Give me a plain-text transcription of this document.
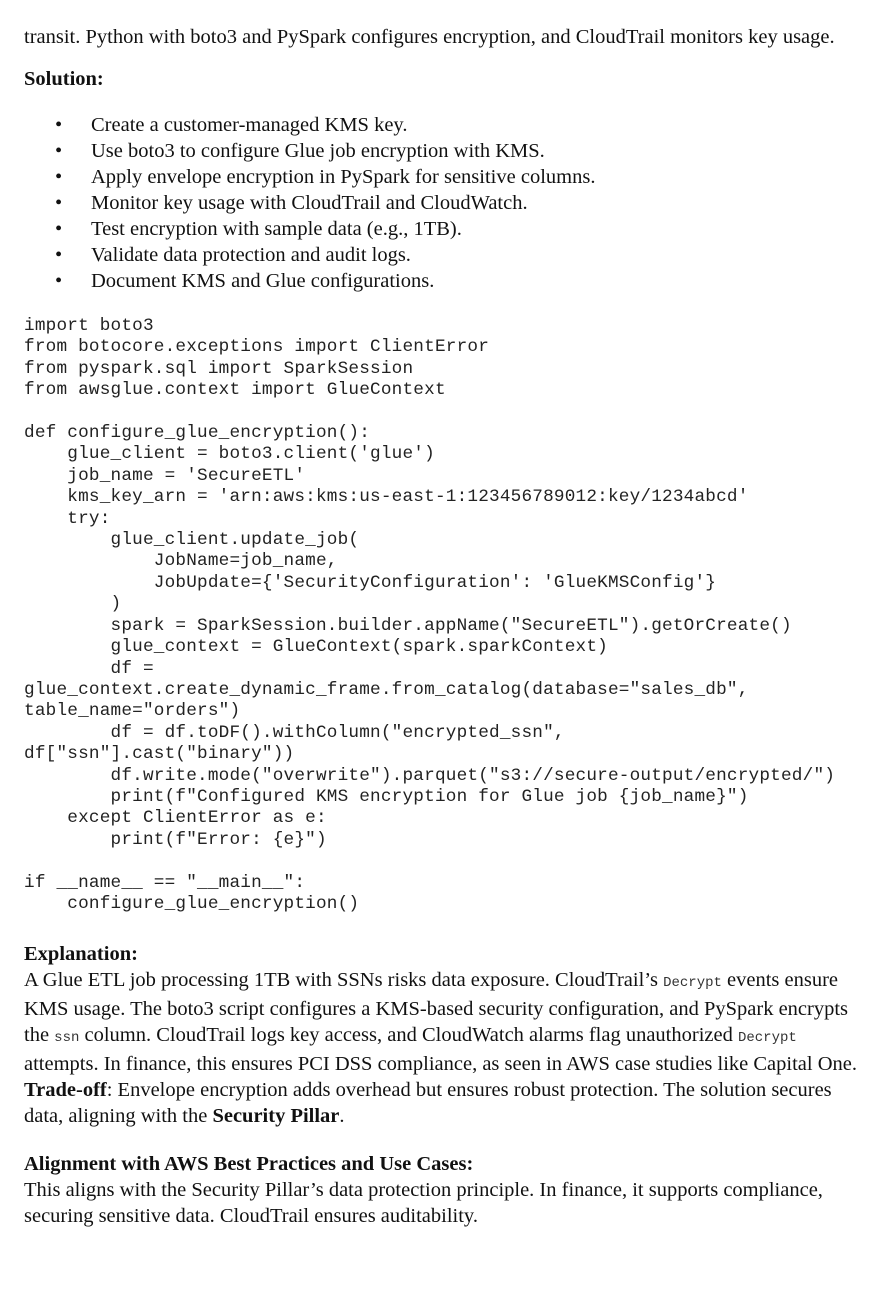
transit. Python with boto3 and PySpark configures encryption, and CloudTrail monitors key usage.

Solution:

• Create a customer-managed KMS key.
• Use boto3 to configure Glue job encryption with KMS.
• Apply envelope encryption in PySpark for sensitive columns.
• Monitor key usage with CloudTrail and CloudWatch.
• Test encryption with sample data (e.g., 1TB).
• Validate data protection and audit logs.
• Document KMS and Glue configurations.
import boto3
from botocore.exceptions import ClientError
from pyspark.sql import SparkSession
from awsglue.context import GlueContext

def configure_glue_encryption():
glue_client = boto3.client('glue')
job_name = 'SecureETL'
kms_key_arn = 'arn:aws:kms:us-east-1:123456789012:key/1234abcd'
try:
glue_client.update_job(
JobName=job_name,
JobUpdate={'SecurityConfiguration': 'GlueKMSConfig'}
)
spark = SparkSession.builder.appName("SecureETL").getOrCreate()
glue_context = GlueContext(spark.sparkContext)
df =
glue_context.create_dynamic_frame.from_catalog(database="sales_db",
table_name="orders")
df = df.toDF().withColumn("encrypted_ssn",
df["ssn"].cast("binary"))
df.write.mode("overwrite").parquet("s3://secure-output/encrypted/")
print(f"Configured KMS encryption for Glue job {job_name}")
except ClientError as e:
print(f"Error: {e}")

if __name__ == "__main__":
configure_glue_encryption()

Explanation:

A Glue ETL job processing 1TB with SSNs risks data exposure. CloudTrail’s Decrypt events ensure KMS usage. The boto3 script configures a KMS-based security configuration, and PySpark encrypts the ssn column. CloudTrail logs key access, and CloudWatch alarms flag unauthorized Decrypt attempts. In finance, this ensures PCI DSS compliance, as seen in AWS case studies like Capital One. Trade-off: Envelope encryption adds overhead but ensures robust protection. The solution secures data, aligning with the Security Pillar.

Alignment with AWS Best Practices and Use Cases:

This aligns with the Security Pillar’s data protection principle. In finance, it supports compliance, securing sensitive data. CloudTrail ensures auditability.
